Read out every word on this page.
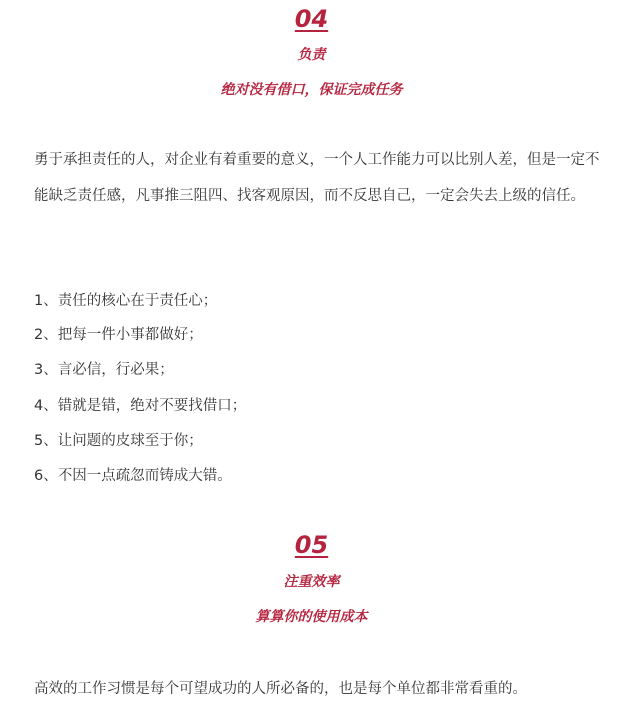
04
负责
绝对没有借口，保证完成任务

勇于承担责任的人，对企业有着重要的意义，一个人工作能力可以比别人差，但是一定不能缺乏责任感，凡事推三阻四、找客观原因，而不反思自己，一定会失去上级的信任。

1、责任的核心在于责任心；
2、把每一件小事都做好；
3、言必信，行必果；
4、错就是错，绝对不要找借口；
5、让问题的皮球至于你；
6、不因一点疏忽而铸成大错。
05
注重效率
算算你的使用成本

高效的工作习惯是每个可望成功的人所必备的，也是每个单位都非常看重的。
